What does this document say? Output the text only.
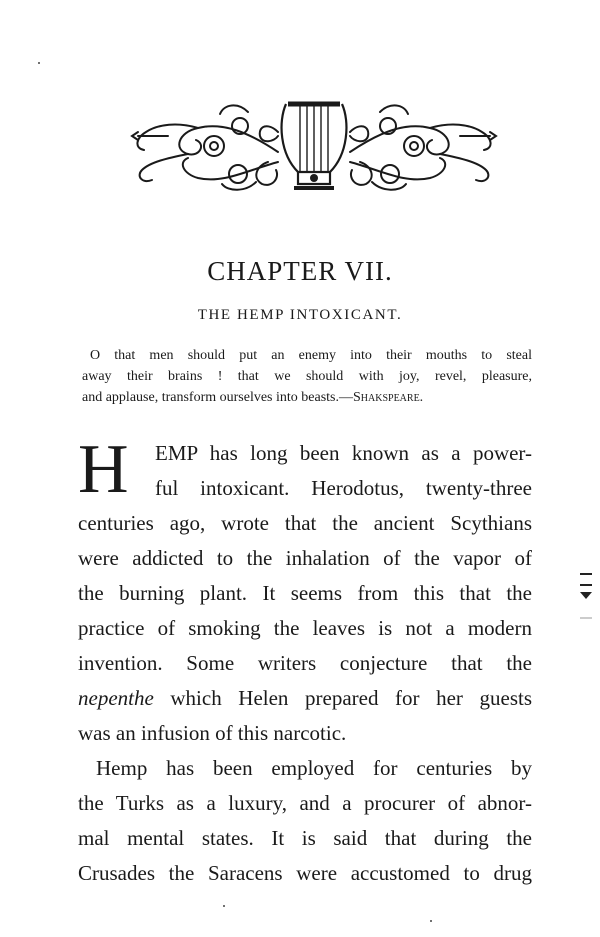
CHAPTER VII.
THE HEMP INTOXICANT.
O that men should put an enemy into their mouths to steal
away their brains ! that we should with joy, revel, pleasure,
and applause, transform ourselves into beasts.—Shakspeare.
H	EMP has long been known as a power-
ful intoxicant. Herodotus, twenty-three
centuries ago, wrote that the ancient Scythians
were addicted to the inhalation of the vapor of
the burning plant. It seems from this that the
practice of smoking the leaves is not a modern
invention. Some writers conjecture that the
nepenthe which Helen prepared for her guests
was an infusion of this narcotic.
Hemp has been employed for centuries by
the Turks as a luxury, and a procurer of abnor-
mal mental states. It is said that during the
Crusades the Saracens were accustomed to drug
